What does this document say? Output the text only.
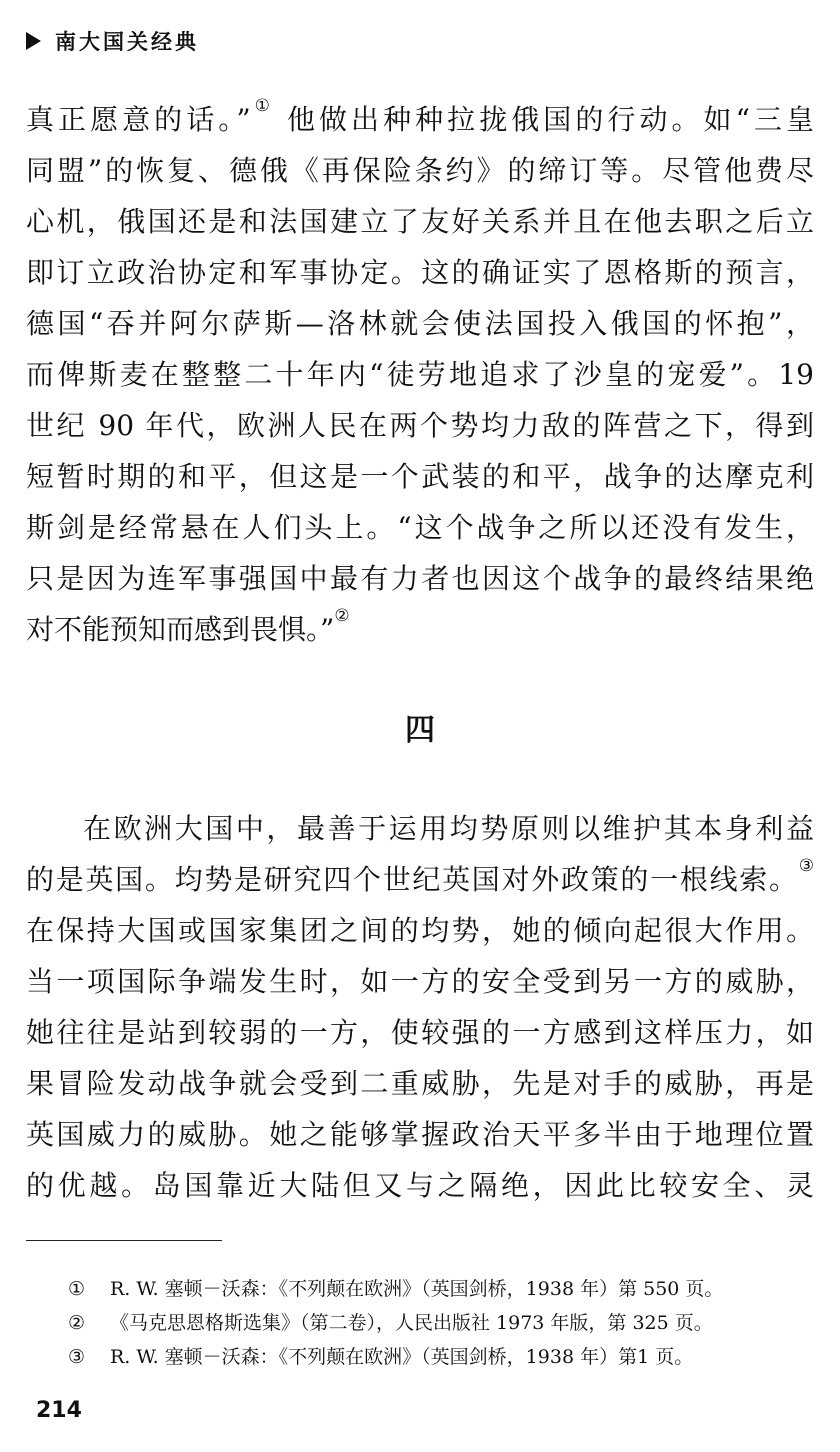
南大国关经典
真正愿意的话。”① 他做出种种拉拢俄国的行动。如“三皇
同盟”的恢复、德俄《再保险条约》的缔订等。尽管他费尽
心机，俄国还是和法国建立了友好关系并且在他去职之后立
即订立政治协定和军事协定。这的确证实了恩格斯的预言，
德国“吞并阿尔萨斯—洛林就会使法国投入俄国的怀抱”，
而俾斯麦在整整二十年内“徒劳地追求了沙皇的宠爱”。19
世纪 90 年代，欧洲人民在两个势均力敌的阵营之下，得到
短暂时期的和平，但这是一个武装的和平，战争的达摩克利
斯剑是经常悬在人们头上。“这个战争之所以还没有发生，
只是因为连军事强国中最有力者也因这个战争的最终结果绝
对不能预知而感到畏惧。”②
四
在欧洲大国中，最善于运用均势原则以维护其本身利益
的是英国。均势是研究四个世纪英国对外政策的一根线索。③
在保持大国或国家集团之间的均势，她的倾向起很大作用。
当一项国际争端发生时，如一方的安全受到另一方的威胁，
她往往是站到较弱的一方，使较强的一方感到这样压力，如
果冒险发动战争就会受到二重威胁，先是对手的威胁，再是
英国威力的威胁。她之能够掌握政治天平多半由于地理位置
的优越。岛国靠近大陆但又与之隔绝，因此比较安全、灵
①	R. W. 塞顿－沃森：《不列颠在欧洲》（英国剑桥，1938 年）第 550 页。
②	《马克思恩格斯选集》（第二卷），人民出版社 1973 年版，第 325 页。
③	R. W. 塞顿－沃森：《不列颠在欧洲》（英国剑桥，1938 年）第1 页。
214
